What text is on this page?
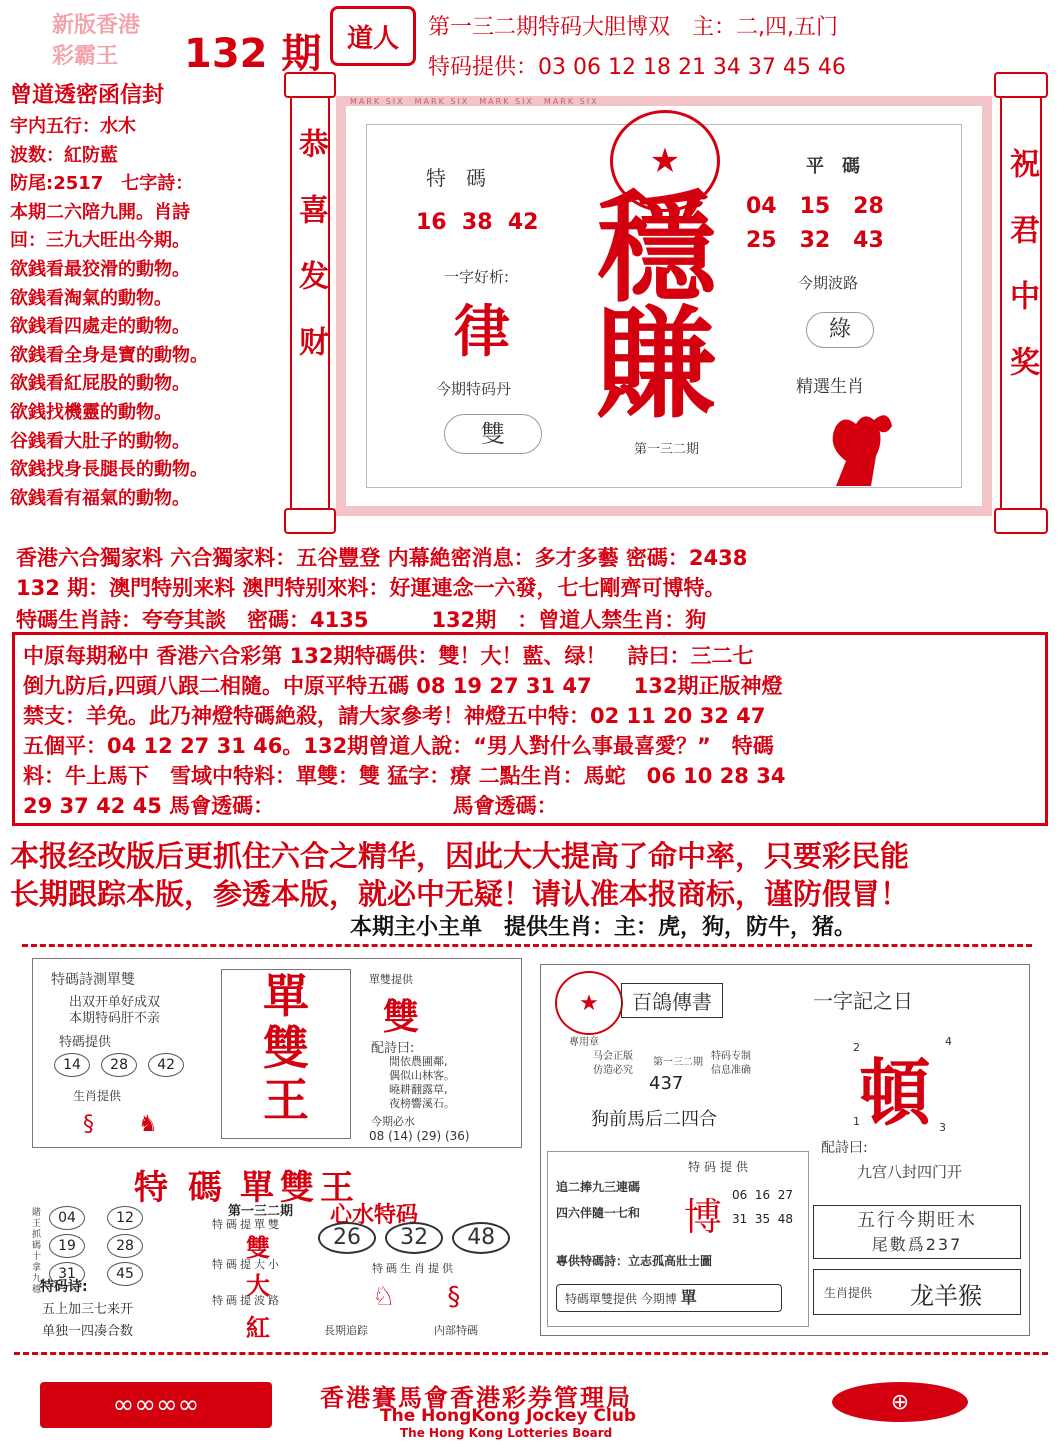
新版香港
彩霸王	132 期 道人 第一三二期特码大胆博双　主：二,四,五门
特码提供：03 06 12 18 21 34 37 45 46
曾道透密函信封
宇内五行：水木
波数：紅防藍
防尾:2517　七字詩：
本期二六陪九開。肖詩
回：三九大旺出今期。
欲銭看最狡滑的動物。
欲銭看淘氣的動物。
欲銭看四處走的動物。
欲銭看全身是寶的動物。
欲銭看紅屁股的動物。
欲銭找機靈的動物。
谷銭看大肚子的動物。
欲銭找身長腿長的動物。
欲銭看有福氣的動物。
恭喜发财	祝君中奖
MARK SIX　 MARK SIX　 MARK SIX　 MARK SIX
特　碼
16  38  42
一字好析:
律
今期特码丹
雙
★
穩
賺
第一三二期
平　碼
04   15   28
25   32   43
今期波路
綠
精選生肖
香港六合獨家料 六合獨家料：五谷豐登 内幕絶密消息：多才多藝 密碼：2438
132 期：澳門特别来料 澳門特别來料：好運連念一六發，七七剛齊可博特。
特碼生肖詩：夸夸其談　密碼：4135　　　132期　：曾道人禁生肖：狗
中原每期秘中 香港六合彩第 132期特碼供：雙！大！藍、绿！　詩曰：三二七
倒九防后,四頭八跟二相隨。中原平特五碼 08 19 27 31 47　　132期正版神燈
禁支：羊免。此乃神燈特碼絶殺，請大家參考！神燈五中特：02 11 20 32 47
五個平：04 12 27 31 46。132期曾道人說：“男人對什么事最喜愛？”　特碼
料：牛上馬下　雪域中特料：單雙：雙 猛字：療 二點生肖：馬蛇　06 10 28 34
29 37 42 45 馬會透碼：　　　　　　　　　馬會透碼：
本报经改版后更抓住六合之精华，因此大大提高了命中率，只要彩民能
长期跟踪本版，参透本版，就必中无疑！请认准本报商标，谨防假冒！
本期主小主单　提供生肖：主：虎，狗，防牛，猪。
特碼詩測單雙
出双开单好成双
本期特码肝不亲
特碼提供
14 28 42
生肖提供
§　　 ♞
單
雙
王
單雙提供
雙
配詩曰:
閒依農圃鄰,
偶似山林客。
曉耕翻露草,
夜榜響溪石。
今期必水
08 (14) (29) (36)
★
專用章
百鴿傳書
马会正版
仿造必究
第一三二期
特码专制
信息准确
437
狗前馬后二四合
一字記之日
2	4
1	3
頓
配詩曰:
九宫八封四门开
追二捧九三連碼
四六伴隨一七和
特码提供
博 06  16  27
31  35  48
專供特碼詩：立志孤高壯士圖
特碼單雙提供 今期博 單
五行今期旺木
尾數爲237
生肖提供 龙羊猴
特碼
單雙王
第一三二期
賭王抓碼十拿九穩
04　	12
19　	28
31　	45
特碼提單雙
雙
特碼提大小
大
特碼提波路
紅
心水特码
26 32 48
特碼生肖提供
♘　　 §
長期追踪	内部特碼
特码诗:
五上加三七来开
单独一四凑合数
∞∞∞∞	香港賽馬會香港彩券管理局
The HongKong Jockey Club
The Hong Kong Lotteries Board
⊕
